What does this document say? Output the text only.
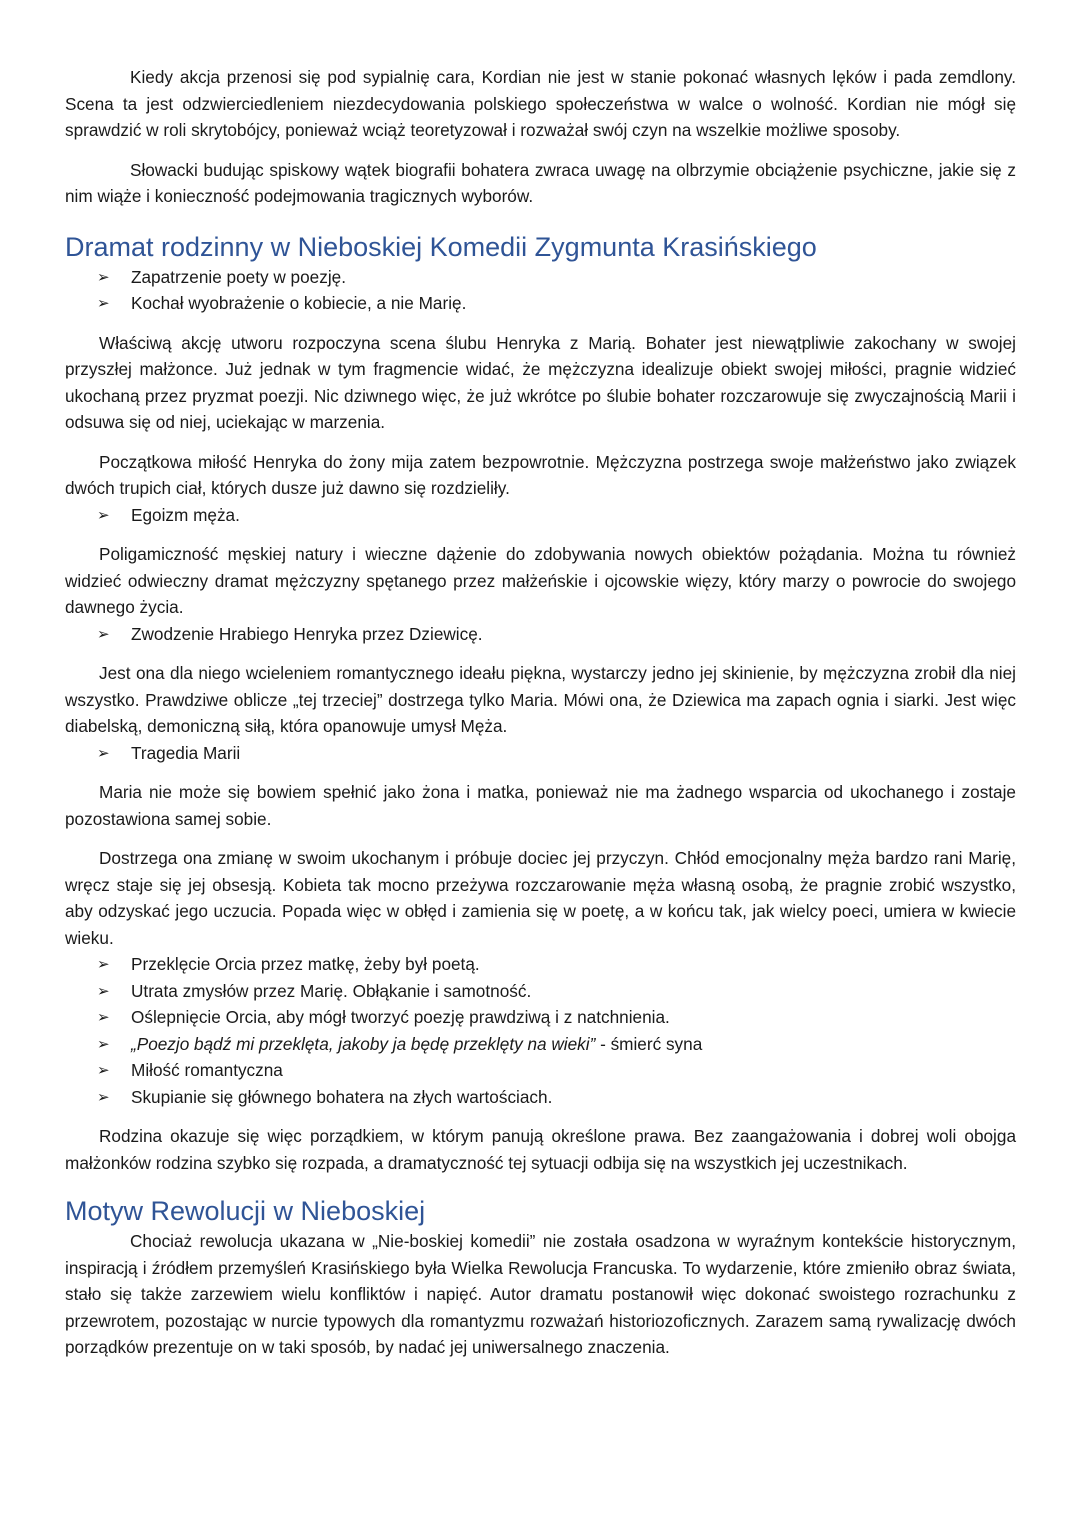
Kiedy akcja przenosi się pod sypialnię cara, Kordian nie jest w stanie pokonać własnych lęków i pada zemdlony. Scena ta jest odzwierciedleniem niezdecydowania polskiego społeczeństwa w walce o wolność. Kordian nie mógł się sprawdzić w roli skrytobójcy, ponieważ wciąż teoretyzował i rozważał swój czyn na wszelkie możliwe sposoby.

Słowacki budując spiskowy wątek biografii bohatera zwraca uwagę na olbrzymie obciążenie psychiczne, jakie się z nim wiąże i konieczność podejmowania tragicznych wyborów.

Dramat rodzinny w Nieboskiej Komedii Zygmunta Krasińskiego
➢	Zapatrzenie poety w poezję.
➢	Kochał wyobrażenie o kobiecie, a nie Marię.

Właściwą akcję utworu rozpoczyna scena ślubu Henryka z Marią. Bohater jest niewątpliwie zakochany w swojej przyszłej małżonce. Już jednak w tym fragmencie widać, że mężczyzna idealizuje obiekt swojej miłości, pragnie widzieć ukochaną przez pryzmat poezji. Nic dziwnego więc, że już wkrótce po ślubie bohater rozczarowuje się zwyczajnością Marii i odsuwa się od niej, uciekając w marzenia.

Początkowa miłość Henryka do żony mija zatem bezpowrotnie. Mężczyzna postrzega swoje małżeństwo jako związek dwóch trupich ciał, których dusze już dawno się rozdzieliły.

➢	Egoizm męża.

Poligamiczność męskiej natury i wieczne dążenie do zdobywania nowych obiektów pożądania. Można tu również widzieć odwieczny dramat mężczyzny spętanego przez małżeńskie i ojcowskie więzy, który marzy o powrocie do swojego dawnego życia.

➢	Zwodzenie Hrabiego Henryka przez Dziewicę.

Jest ona dla niego wcieleniem romantycznego ideału piękna, wystarczy jedno jej skinienie, by mężczyzna zrobił dla niej wszystko. Prawdziwe oblicze „tej trzeciej” dostrzega tylko Maria. Mówi ona, że Dziewica ma zapach ognia i siarki. Jest więc diabelską, demoniczną siłą, która opanowuje umysł Męża.

➢	Tragedia Marii

Maria nie może się bowiem spełnić jako żona i matka, ponieważ nie ma żadnego wsparcia od ukochanego i zostaje pozostawiona samej sobie.

Dostrzega ona zmianę w swoim ukochanym i próbuje dociec jej przyczyn. Chłód emocjonalny męża bardzo rani Marię, wręcz staje się jej obsesją. Kobieta tak mocno przeżywa rozczarowanie męża własną osobą, że pragnie zrobić wszystko, aby odzyskać jego uczucia. Popada więc w obłęd i zamienia się w poetę, a w końcu tak, jak wielcy poeci, umiera w kwiecie wieku.

➢	Przeklęcie Orcia przez matkę, żeby był poetą.
➢	Utrata zmysłów przez Marię. Obłąkanie i samotność.
➢	Oślepnięcie Orcia, aby mógł tworzyć poezję prawdziwą i z natchnienia.
➢	„Poezjo bądź mi przeklęta, jakoby ja będę przeklęty na wieki” - śmierć syna
➢	Miłość romantyczna
➢	Skupianie się głównego bohatera na złych wartościach.

Rodzina okazuje się więc porządkiem, w którym panują określone prawa. Bez zaangażowania i dobrej woli obojga małżonków rodzina szybko się rozpada, a dramatyczność tej sytuacji odbija się na wszystkich jej uczestnikach.

Motyw Rewolucji w Nieboskiej

Chociaż rewolucja ukazana w „Nie-boskiej komedii” nie została osadzona w wyraźnym kontekście historycznym, inspiracją i źródłem przemyśleń Krasińskiego była Wielka Rewolucja Francuska. To wydarzenie, które zmieniło obraz świata, stało się także zarzewiem wielu konfliktów i napięć. Autor dramatu postanowił więc dokonać swoistego rozrachunku z przewrotem, pozostając w nurcie typowych dla romantyzmu rozważań historiozoficznych. Zarazem samą rywalizację dwóch porządków prezentuje on w taki sposób, by nadać jej uniwersalnego znaczenia.
